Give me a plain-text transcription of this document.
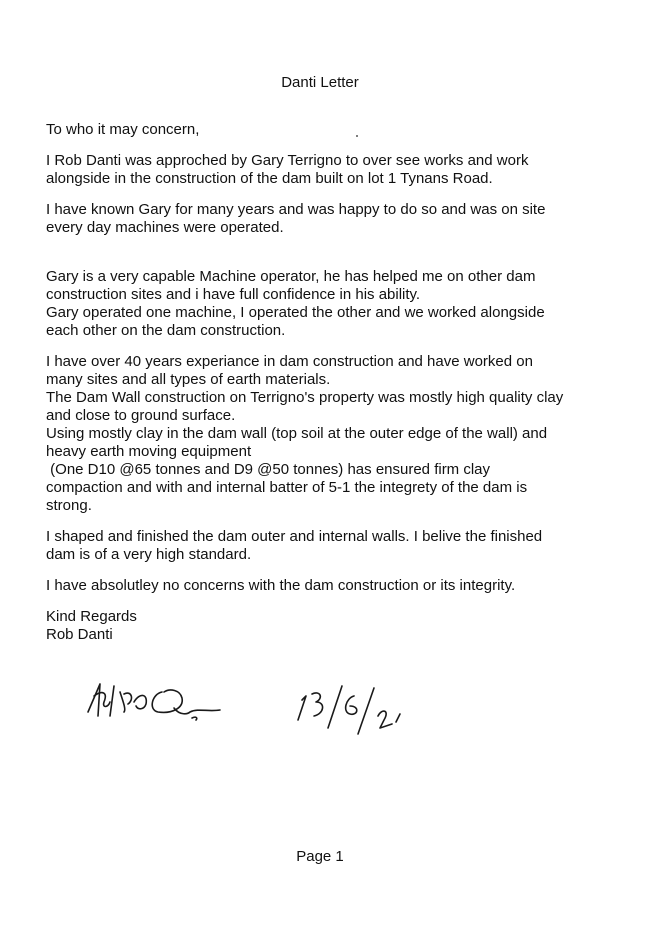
Danti Letter

To who it may concern,

I Rob Danti was approched by Gary Terrigno to over see works and work
alongside in the construction of the dam built on lot 1 Tynans Road.

I have known Gary for many years and was happy to do so and was on site
every day machines were operated.

Gary is a very capable Machine operator, he has helped me on other dam
construction sites and i have full confidence in his ability.
Gary operated one machine, I operated the other and we worked alongside
each other on the dam construction.

I have over 40 years experiance in dam construction and have worked on
many sites and all types of earth materials.
The Dam Wall construction on Terrigno's property was mostly high quality clay
and close to ground surface.
Using mostly clay in the dam wall (top soil at the outer edge of the wall) and
heavy earth moving equipment
(One D10 @65 tonnes and D9 @50 tonnes) has ensured firm clay
compaction and with and internal batter of 5-1 the integrety of the dam is
strong.

I shaped and finished the dam outer and internal walls. I belive the finished
dam is of a very high standard.

I have absolutley no concerns with the dam construction or its integrity.

Kind Regards
Rob Danti

Page 1
